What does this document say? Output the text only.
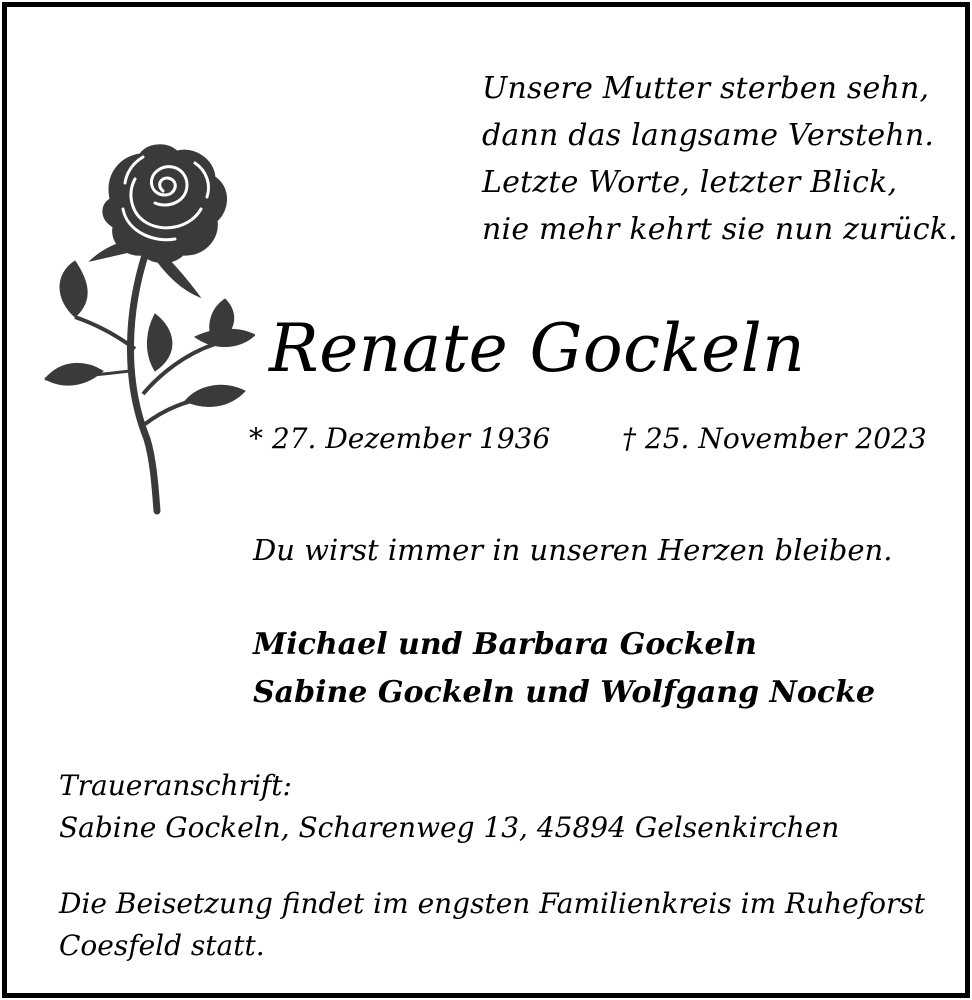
Unsere Mutter sterben sehn,
dann das langsame Verstehn.
Letzte Worte, letzter Blick,
nie mehr kehrt sie nun zurück.
Renate Gockeln
* 27. Dezember 1936	† 25. November 2023
Du wirst immer in unseren Herzen bleiben.
Michael und Barbara Gockeln
Sabine Gockeln und Wolfgang Nocke
Traueranschrift:
Sabine Gockeln, Scharenweg 13, 45894 Gelsenkirchen
Die Beisetzung findet im engsten Familienkreis im Ruheforst
Coesfeld statt.
